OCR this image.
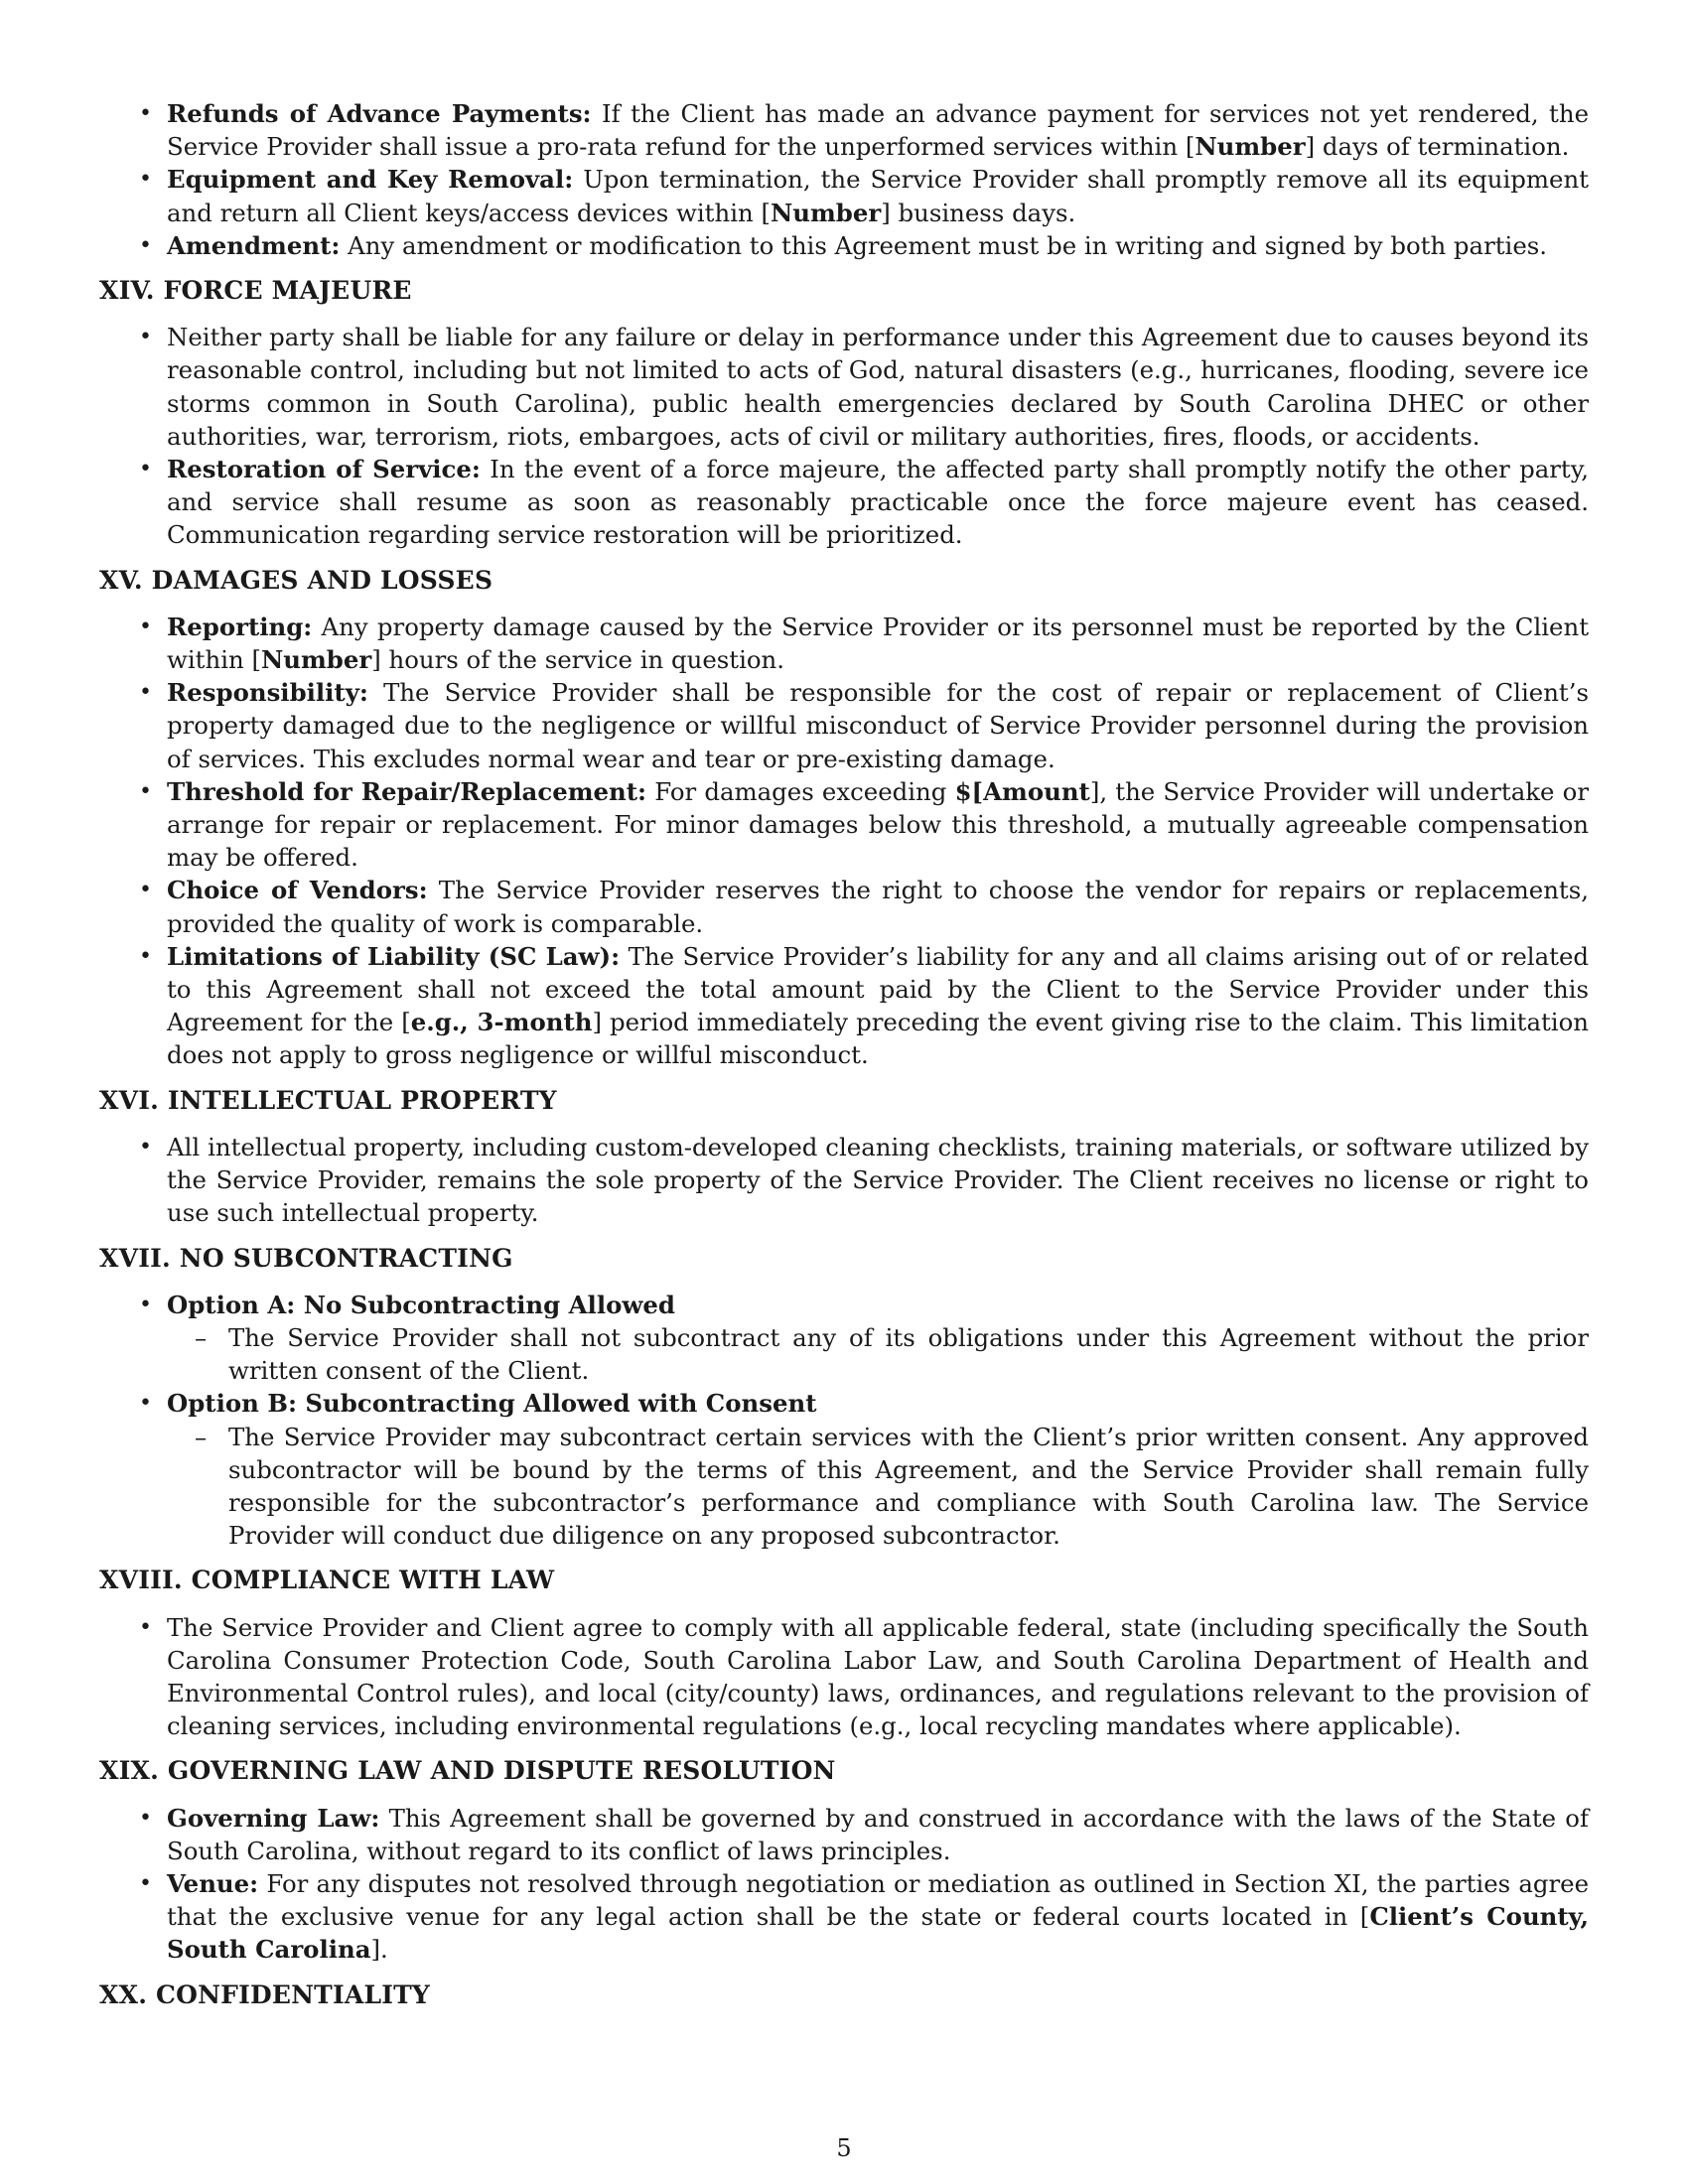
• Refunds of Advance Payments: If the Client has made an advance payment for services not yet rendered, the Service Provider shall issue a pro-rata refund for the unperformed services within [Number] days of termination.
• Equipment and Key Removal: Upon termination, the Service Provider shall promptly remove all its equipment and return all Client keys/access devices within [Number] business days.
• Amendment: Any amendment or modification to this Agreement must be in writing and signed by both parties.
XIV. FORCE MAJEURE
• Neither party shall be liable for any failure or delay in performance under this Agreement due to causes beyond its reasonable control, including but not limited to acts of God, natural disasters (e.g., hurricanes, flooding, severe ice storms common in South Carolina), public health emergencies declared by South Carolina DHEC or other authorities, war, terrorism, riots, embargoes, acts of civil or military authorities, fires, floods, or accidents.
• Restoration of Service: In the event of a force majeure, the affected party shall promptly notify the other party, and service shall resume as soon as reasonably practicable once the force majeure event has ceased. Communication regarding service restoration will be prioritized.
XV. DAMAGES AND LOSSES
• Reporting: Any property damage caused by the Service Provider or its personnel must be reported by the Client within [Number] hours of the service in question.
• Responsibility: The Service Provider shall be responsible for the cost of repair or replacement of Client’s property damaged due to the negligence or willful misconduct of Service Provider personnel during the provision of services. This excludes normal wear and tear or pre-existing damage.
• Threshold for Repair/Replacement: For damages exceeding $[Amount], the Service Provider will undertake or arrange for repair or replacement. For minor damages below this threshold, a mutually agreeable compensation may be offered.
• Choice of Vendors: The Service Provider reserves the right to choose the vendor for repairs or replacements, provided the quality of work is comparable.
• Limitations of Liability (SC Law): The Service Provider’s liability for any and all claims arising out of or related to this Agreement shall not exceed the total amount paid by the Client to the Service Provider under this Agreement for the [e.g., 3-month] period immediately preceding the event giving rise to the claim. This limitation does not apply to gross negligence or willful misconduct.
XVI. INTELLECTUAL PROPERTY
• All intellectual property, including custom-developed cleaning checklists, training materials, or software utilized by the Service Provider, remains the sole property of the Service Provider. The Client receives no license or right to use such intellectual property.
XVII. NO SUBCONTRACTING
• Option A: No Subcontracting Allowed
– The Service Provider shall not subcontract any of its obligations under this Agreement without the prior written consent of the Client.
• Option B: Subcontracting Allowed with Consent
– The Service Provider may subcontract certain services with the Client’s prior written consent. Any approved subcontractor will be bound by the terms of this Agreement, and the Service Provider shall remain fully responsible for the subcontractor’s performance and compliance with South Carolina law. The Service Provider will conduct due diligence on any proposed subcontractor.
XVIII. COMPLIANCE WITH LAW
• The Service Provider and Client agree to comply with all applicable federal, state (including specifically the South Carolina Consumer Protection Code, South Carolina Labor Law, and South Carolina Department of Health and Environmental Control rules), and local (city/county) laws, ordinances, and regulations relevant to the provision of cleaning services, including environmental regulations (e.g., local recycling mandates where applicable).
XIX. GOVERNING LAW AND DISPUTE RESOLUTION
• Governing Law: This Agreement shall be governed by and construed in accordance with the laws of the State of South Carolina, without regard to its conflict of laws principles.
• Venue: For any disputes not resolved through negotiation or mediation as outlined in Section XI, the parties agree that the exclusive venue for any legal action shall be the state or federal courts located in [Client’s County, South Carolina].
XX. CONFIDENTIALITY
5
